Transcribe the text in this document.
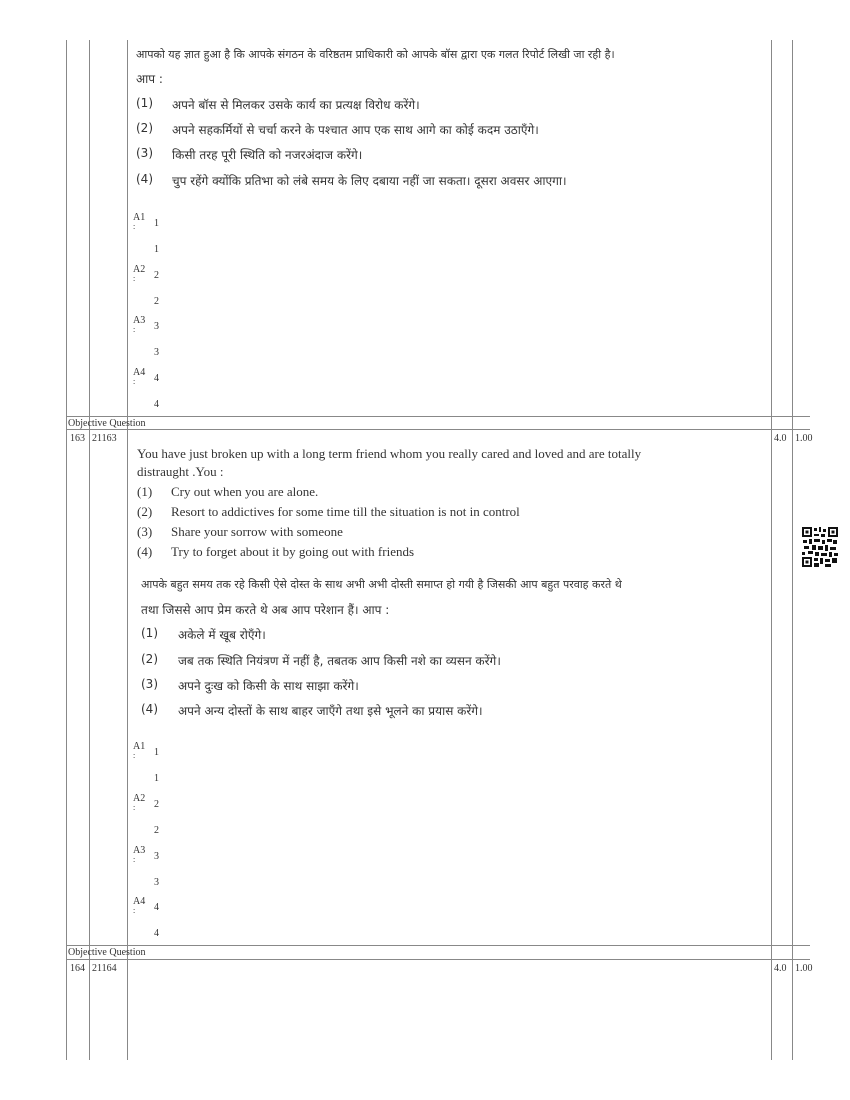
आपको यह ज्ञात हुआ है कि आपके संगठन के वरिष्ठतम प्राधिकारी को आपके बॉस द्वारा एक गलत रिपोर्ट लिखी जा रही है।
आप :
(1) अपने बॉस से मिलकर उसके कार्य का प्रत्यक्ष विरोध करेंगे।
(2) अपने सहकर्मियों से चर्चा करने के पश्चात आप एक साथ आगे का कोई कदम उठाएँगे।
(3) किसी तरह पूरी स्थिति को नजरअंदाज करेंगे।
(4) चुप रहेंगे क्योंकि प्रतिभा को लंबे समय के लिए दबाया नहीं जा सकता। दूसरा अवसर आएगा।
A1
: 1
1
A2
: 2
2
A3
: 3
3
A4
: 4
4
Objective Question
163 21163	4.0 1.00
You have just broken up with a long term friend whom you really cared and loved and are totally
distraught .You :
(1) Cry out when you are alone.
(2) Resort to addictives for some time till the situation is not in control
(3) Share your sorrow with someone
(4) Try to forget about it by going out with friends
आपके बहुत समय तक रहे किसी ऐसे दोस्त के साथ अभी अभी दोस्ती समाप्त हो गयी है जिसकी आप बहुत परवाह करते थे
तथा जिससे आप प्रेम करते थे अब आप परेशान हैं। आप :
(1) अकेले में खूब रोएँगे।
(2) जब तक स्थिति नियंत्रण में नहीं है, तबतक आप किसी नशे का व्यसन करेंगे।
(3) अपने दुःख को किसी के साथ साझा करेंगे।
(4) अपने अन्य दोस्तों के साथ बाहर जाएँगे तथा इसे भूलने का प्रयास करेंगे।
A1
: 1
1
A2
: 2
2
A3
: 3
3
A4
: 4
4
Objective Question
164 21164	4.0 1.00
